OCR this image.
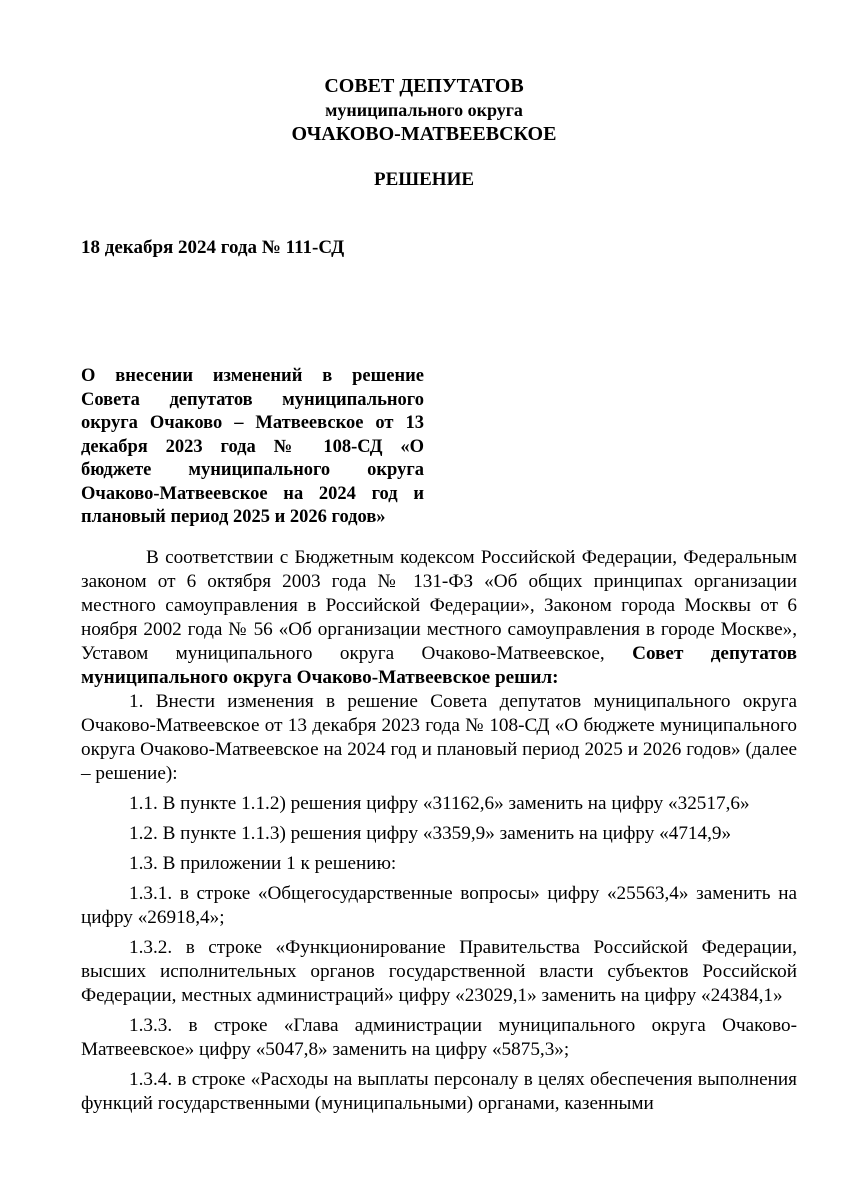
СОВЕТ ДЕПУТАТОВ
муниципального округа
ОЧАКОВО-МАТВЕЕВСКОЕ
РЕШЕНИЕ
18 декабря 2024 года № 111-СД
О внесении изменений в решение
Совета депутатов муниципального
округа Очаково – Матвеевское от 13
декабря 2023 года № 108-СД «О
бюджете муниципального округа
Очаково-Матвеевское на 2024 год и
плановый период 2025 и 2026 годов»

В соответствии с Бюджетным кодексом Российской Федерации, Федеральным законом от 6 октября 2003 года № 131-ФЗ «Об общих принципах организации местного самоуправления в Российской Федерации», Законом города Москвы от 6 ноября 2002 года № 56 «Об организации местного самоуправления в городе Москве», Уставом муниципального округа Очаково-Матвеевское, Совет депутатов муниципального округа Очаково-Матвеевское решил:

1. Внести изменения в решение Совета депутатов муниципального округа Очаково-Матвеевское от 13 декабря 2023 года № 108-СД «О бюджете муниципального округа Очаково-Матвеевское на 2024 год и плановый период 2025 и 2026 годов» (далее – решение):

1.1. В пункте 1.1.2) решения цифру «31162,6» заменить на цифру «32517,6»

1.2. В пункте 1.1.3) решения цифру «3359,9» заменить на цифру «4714,9»

1.3. В приложении 1 к решению:

1.3.1. в строке «Общегосударственные вопросы» цифру «25563,4» заменить на цифру «26918,4»;

1.3.2. в строке «Функционирование Правительства Российской Федерации, высших исполнительных органов государственной власти субъектов Российской Федерации, местных администраций» цифру «23029,1» заменить на цифру «24384,1»

1.3.3. в строке «Глава администрации муниципального округа Очаково-Матвеевское» цифру «5047,8» заменить на цифру «5875,3»;

1.3.4. в строке «Расходы на выплаты персоналу в целях обеспечения выполнения функций государственными (муниципальными) органами, казенными
